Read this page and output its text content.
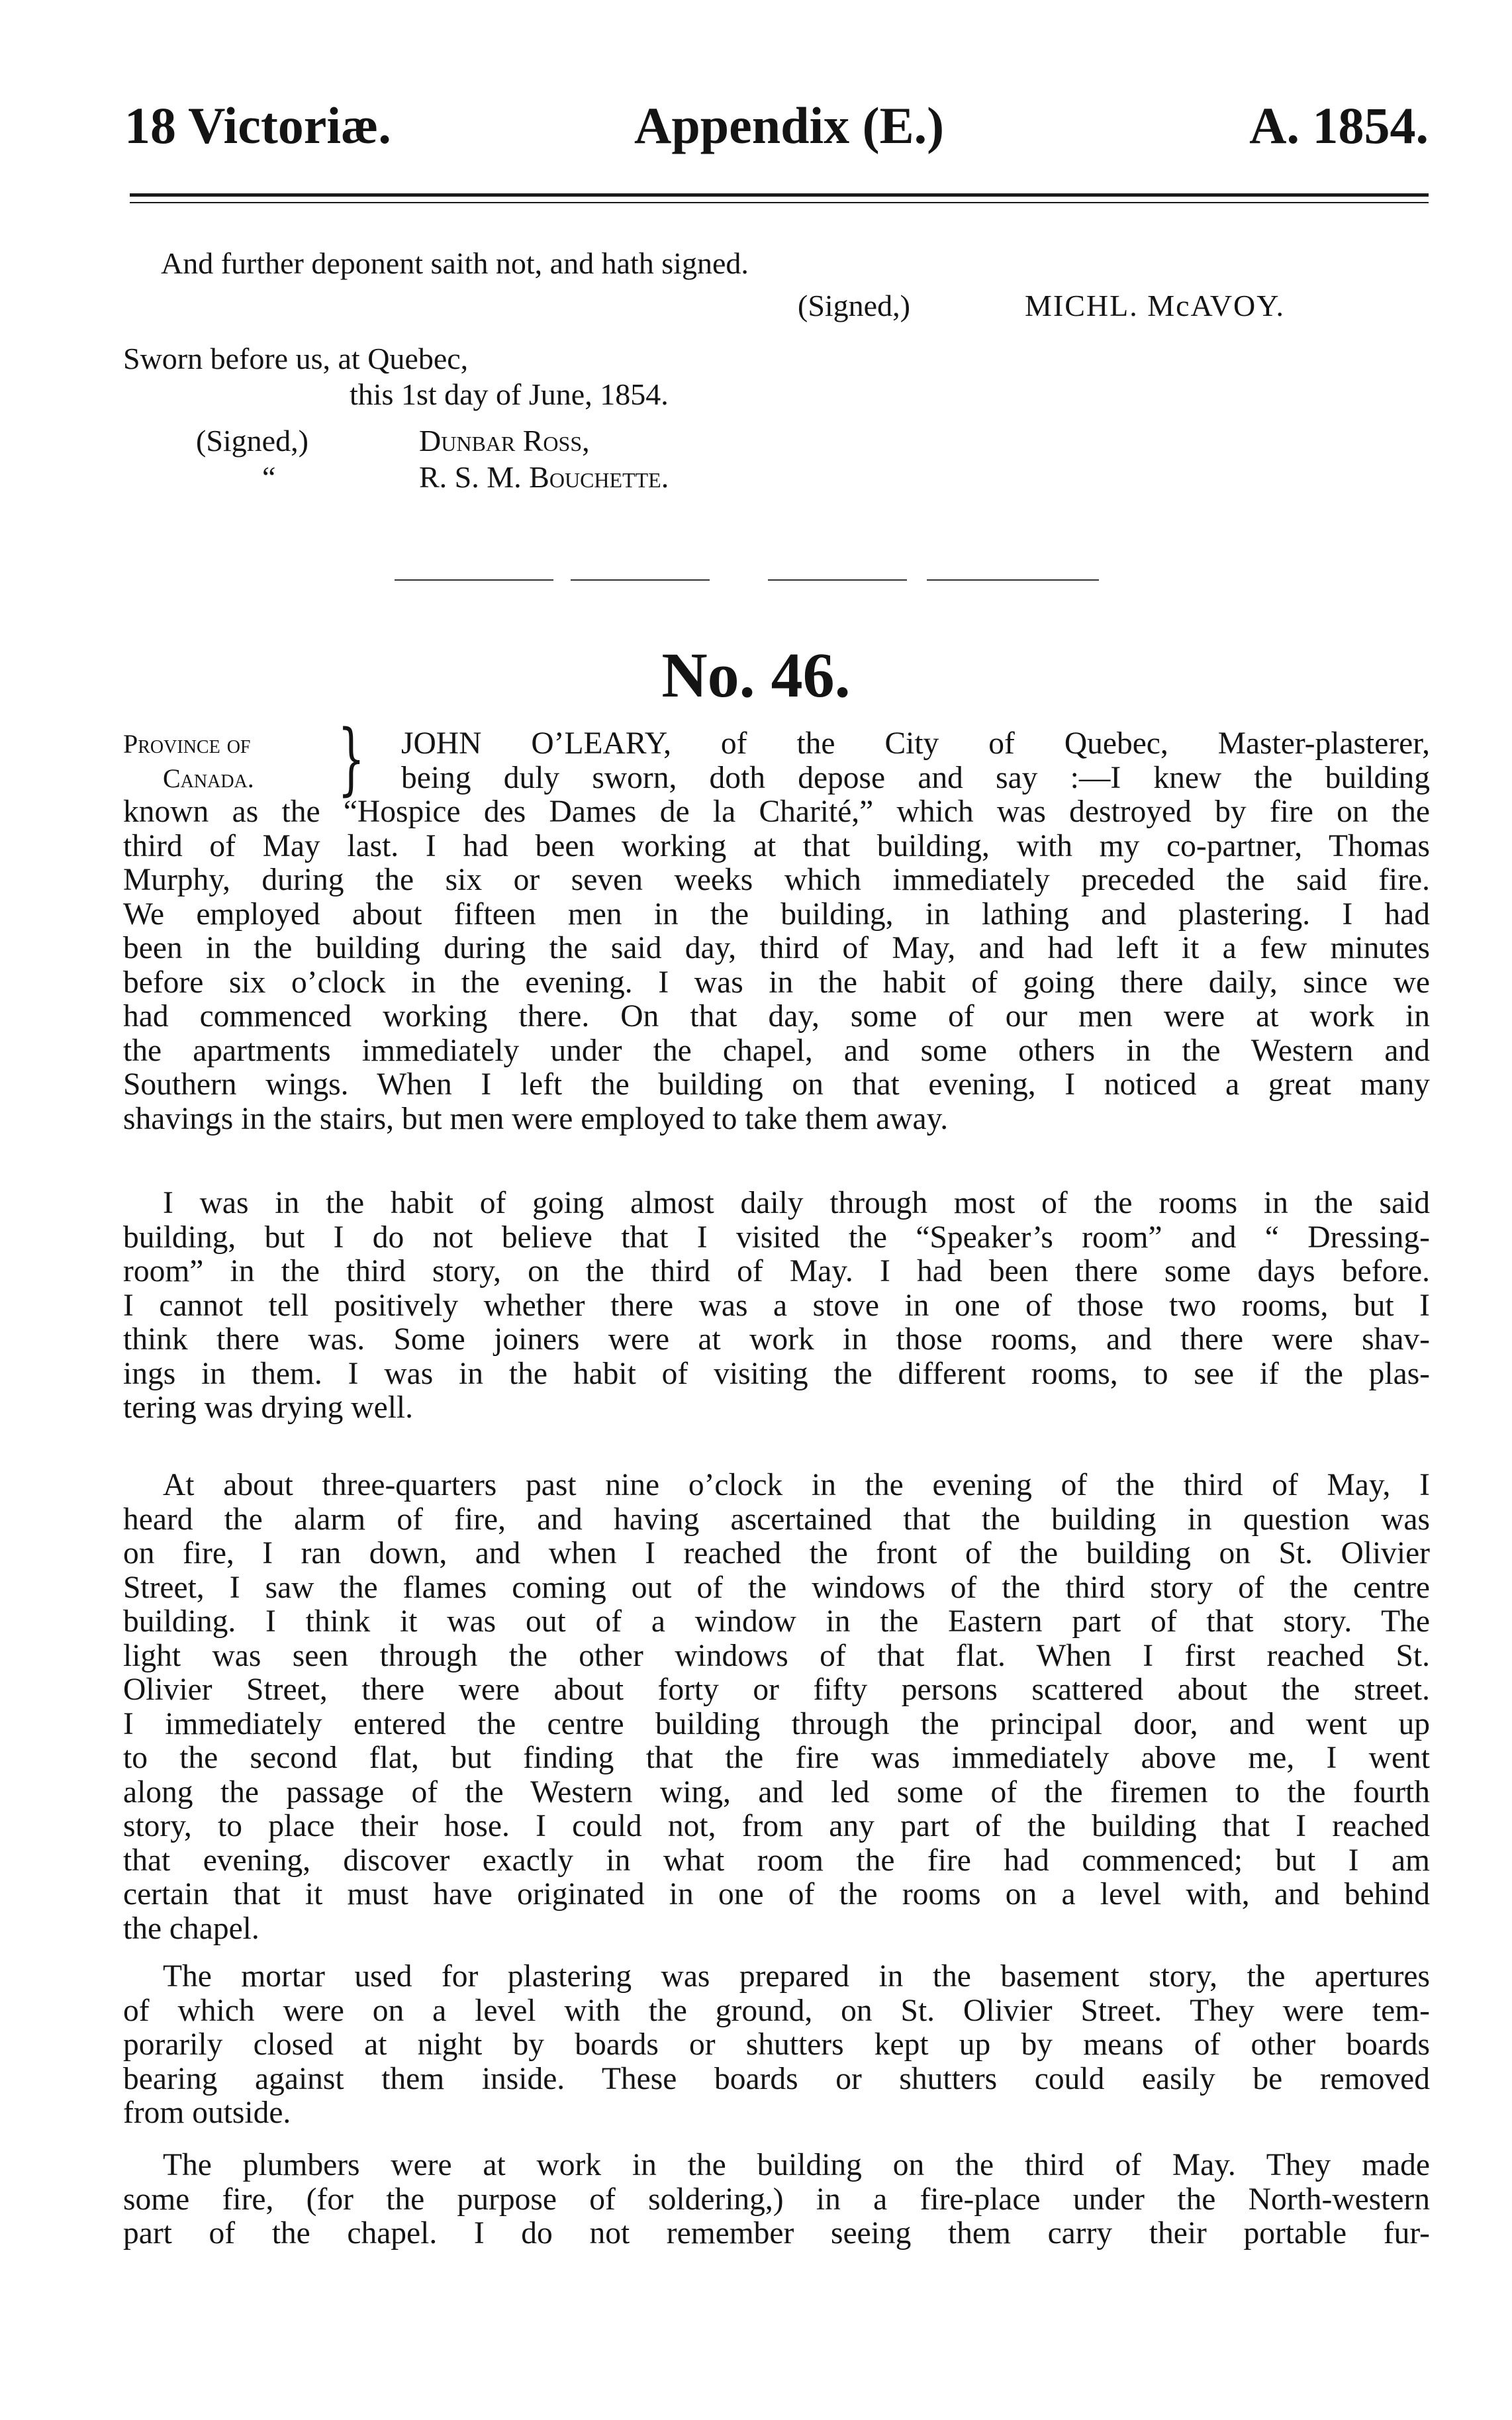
18 Victoriæ.	Appendix (E.)	A. 1854.
And further deponent saith not, and hath signed.
(Signed,)	MICHL. McAVOY.
Sworn before us, at Quebec,
this 1st day of June, 1854.
(Signed,)	Dunbar Ross,
“	R. S. M. Bouchette.
No. 46.
Province of
Canada.	} JOHN O’LEARY, of the City of Quebec, Master-plasterer,
being duly sworn, doth depose and say :—I knew the building
known as the “Hospice des Dames de la Charité,” which was destroyed by fire on the
third of May last. I had been working at that building, with my co-partner, Thomas
Murphy, during the six or seven weeks which immediately preceded the said fire.
We employed about fifteen men in the building, in lathing and plastering. I had
been in the building during the said day, third of May, and had left it a few minutes
before six o’clock in the evening. I was in the habit of going there daily, since we
had commenced working there. On that day, some of our men were at work in
the apartments immediately under the chapel, and some others in the Western and
Southern wings. When I left the building on that evening, I noticed a great many
shavings in the stairs, but men were employed to take them away.
I was in the habit of going almost daily through most of the rooms in the said
building, but I do not believe that I visited the “Speaker’s room” and “ Dressing-
room” in the third story, on the third of May. I had been there some days before.
I cannot tell positively whether there was a stove in one of those two rooms, but I
think there was. Some joiners were at work in those rooms, and there were shav-
ings in them. I was in the habit of visiting the different rooms, to see if the plas-
tering was drying well.
At about three-quarters past nine o’clock in the evening of the third of May, I
heard the alarm of fire, and having ascertained that the building in question was
on fire, I ran down, and when I reached the front of the building on St. Olivier
Street, I saw the flames coming out of the windows of the third story of the centre
building. I think it was out of a window in the Eastern part of that story. The
light was seen through the other windows of that flat. When I first reached St.
Olivier Street, there were about forty or fifty persons scattered about the street.
I immediately entered the centre building through the principal door, and went up
to the second flat, but finding that the fire was immediately above me, I went
along the passage of the Western wing, and led some of the firemen to the fourth
story, to place their hose. I could not, from any part of the building that I reached
that evening, discover exactly in what room the fire had commenced; but I am
certain that it must have originated in one of the rooms on a level with, and behind
the chapel.
The mortar used for plastering was prepared in the basement story, the apertures
of which were on a level with the ground, on St. Olivier Street. They were tem-
porarily closed at night by boards or shutters kept up by means of other boards
bearing against them inside. These boards or shutters could easily be removed
from outside.
The plumbers were at work in the building on the third of May. They made
some fire, (for the purpose of soldering,) in a fire-place under the North-western
part of the chapel. I do not remember seeing them carry their portable fur-
